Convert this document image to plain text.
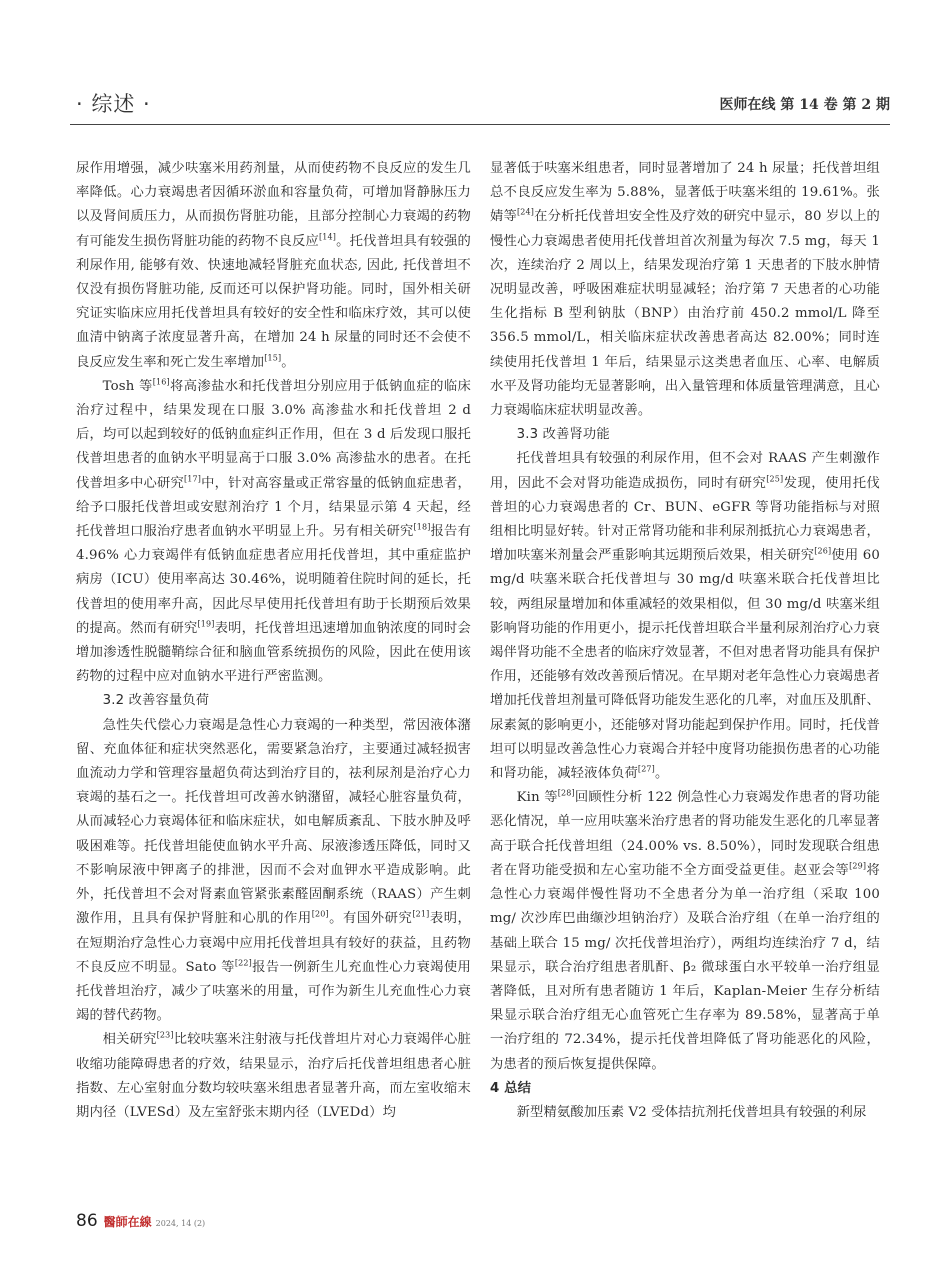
· 综述 ·	医师在线 第 14 卷 第 2 期

尿作用增强，减少呋塞米用药剂量，从而使药物不良反应的发生几率降低。心力衰竭患者因循环淤血和容量负荷，可增加肾静脉压力以及肾间质压力，从而损伤肾脏功能，且部分控制心力衰竭的药物有可能发生损伤肾脏功能的药物不良反应[14]。托伐普坦具有较强的利尿作用, 能够有效、快速地减轻肾脏充血状态, 因此, 托伐普坦不仅没有损伤肾脏功能, 反而还可以保护肾功能。同时，国外相关研究证实临床应用托伐普坦具有较好的安全性和临床疗效，其可以使血清中钠离子浓度显著升高，在增加 24 h 尿量的同时还不会使不良反应发生率和死亡发生率增加[15]。

Tosh 等[16]将高渗盐水和托伐普坦分别应用于低钠血症的临床治疗过程中，结果发现在口服 3.0% 高渗盐水和托伐普坦 2 d 后，均可以起到较好的低钠血症纠正作用，但在 3 d 后发现口服托伐普坦患者的血钠水平明显高于口服 3.0% 高渗盐水的患者。在托伐普坦多中心研究[17]中，针对高容量或正常容量的低钠血症患者，给予口服托伐普坦或安慰剂治疗 1 个月，结果显示第 4 天起，经托伐普坦口服治疗患者血钠水平明显上升。另有相关研究[18]报告有 4.96% 心力衰竭伴有低钠血症患者应用托伐普坦，其中重症监护病房（ICU）使用率高达 30.46%，说明随着住院时间的延长，托伐普坦的使用率升高，因此尽早使用托伐普坦有助于长期预后效果的提高。然而有研究[19]表明，托伐普坦迅速增加血钠浓度的同时会增加渗透性脱髓鞘综合征和脑血管系统损伤的风险，因此在使用该药物的过程中应对血钠水平进行严密监测。

3.2 改善容量负荷

急性失代偿心力衰竭是急性心力衰竭的一种类型，常因液体潴留、充血体征和症状突然恶化，需要紧急治疗，主要通过减轻损害血流动力学和管理容量超负荷达到治疗目的，祛利尿剂是治疗心力衰竭的基石之一。托伐普坦可改善水钠潴留，减轻心脏容量负荷，从而减轻心力衰竭体征和临床症状，如电解质紊乱、下肢水肿及呼吸困难等。托伐普坦能使血钠水平升高、尿液渗透压降低，同时又不影响尿液中钾离子的排泄，因而不会对血钾水平造成影响。此外，托伐普坦不会对肾素血管紧张素醛固酮系统（RAAS）产生刺激作用，且具有保护肾脏和心肌的作用[20]。有国外研究[21]表明，在短期治疗急性心力衰竭中应用托伐普坦具有较好的获益，且药物不良反应不明显。Sato 等[22]报告一例新生儿充血性心力衰竭使用托伐普坦治疗，减少了呋塞米的用量，可作为新生儿充血性心力衰竭的替代药物。

相关研究[23]比较呋塞米注射液与托伐普坦片对心力衰竭伴心脏收缩功能障碍患者的疗效，结果显示，治疗后托伐普坦组患者心脏指数、左心室射血分数均较呋塞米组患者显著升高，而左室收缩末期内径（LVESd）及左室舒张末期内径（LVEDd）均

显著低于呋塞米组患者，同时显著增加了 24 h 尿量；托伐普坦组总不良反应发生率为 5.88%，显著低于呋塞米组的 19.61%。张婧等[24]在分析托伐普坦安全性及疗效的研究中显示，80 岁以上的慢性心力衰竭患者使用托伐普坦首次剂量为每次 7.5 mg，每天 1 次，连续治疗 2 周以上，结果发现治疗第 1 天患者的下肢水肿情况明显改善，呼吸困难症状明显减轻；治疗第 7 天患者的心功能生化指标 B 型利钠肽（BNP）由治疗前 450.2 mmol/L 降至 356.5 mmol/L，相关临床症状改善患者高达 82.00%；同时连续使用托伐普坦 1 年后，结果显示这类患者血压、心率、电解质水平及肾功能均无显著影响，出入量管理和体质量管理满意，且心力衰竭临床症状明显改善。

3.3 改善肾功能

托伐普坦具有较强的利尿作用，但不会对 RAAS 产生刺激作用，因此不会对肾功能造成损伤，同时有研究[25]发现，使用托伐普坦的心力衰竭患者的 Cr、BUN、eGFR 等肾功能指标与对照组相比明显好转。针对正常肾功能和非利尿剂抵抗心力衰竭患者，增加呋塞米剂量会严重影响其远期预后效果，相关研究[26]使用 60 mg/d 呋塞米联合托伐普坦与 30 mg/d 呋塞米联合托伐普坦比较，两组尿量增加和体重减轻的效果相似，但 30 mg/d 呋塞米组影响肾功能的作用更小，提示托伐普坦联合半量利尿剂治疗心力衰竭伴肾功能不全患者的临床疗效显著，不但对患者肾功能具有保护作用，还能够有效改善预后情况。在早期对老年急性心力衰竭患者增加托伐普坦剂量可降低肾功能发生恶化的几率，对血压及肌酐、尿素氮的影响更小，还能够对肾功能起到保护作用。同时，托伐普坦可以明显改善急性心力衰竭合并轻中度肾功能损伤患者的心功能和肾功能，减轻液体负荷[27]。

Kin 等[28]回顾性分析 122 例急性心力衰竭发作患者的肾功能恶化情况，单一应用呋塞米治疗患者的肾功能发生恶化的几率显著高于联合托伐普坦组（24.00% vs. 8.50%），同时发现联合组患者在肾功能受损和左心室功能不全方面受益更佳。赵亚会等[29]将急性心力衰竭伴慢性肾功不全患者分为单一治疗组（采取 100 mg/ 次沙库巴曲缬沙坦钠治疗）及联合治疗组（在单一治疗组的基础上联合 15 mg/ 次托伐普坦治疗），两组均连续治疗 7 d，结果显示，联合治疗组患者肌酐、β₂ 微球蛋白水平较单一治疗组显著降低，且对所有患者随访 1 年后，Kaplan-Meier 生存分析结果显示联合治疗组无心血管死亡生存率为 89.58%，显著高于单一治疗组的 72.34%，提示托伐普坦降低了肾功能恶化的风险，为患者的预后恢复提供保障。

4 总结

新型精氨酸加压素 V2 受体拮抗剂托伐普坦具有较强的利尿

86 醫師在線 2024, 14 (2)
